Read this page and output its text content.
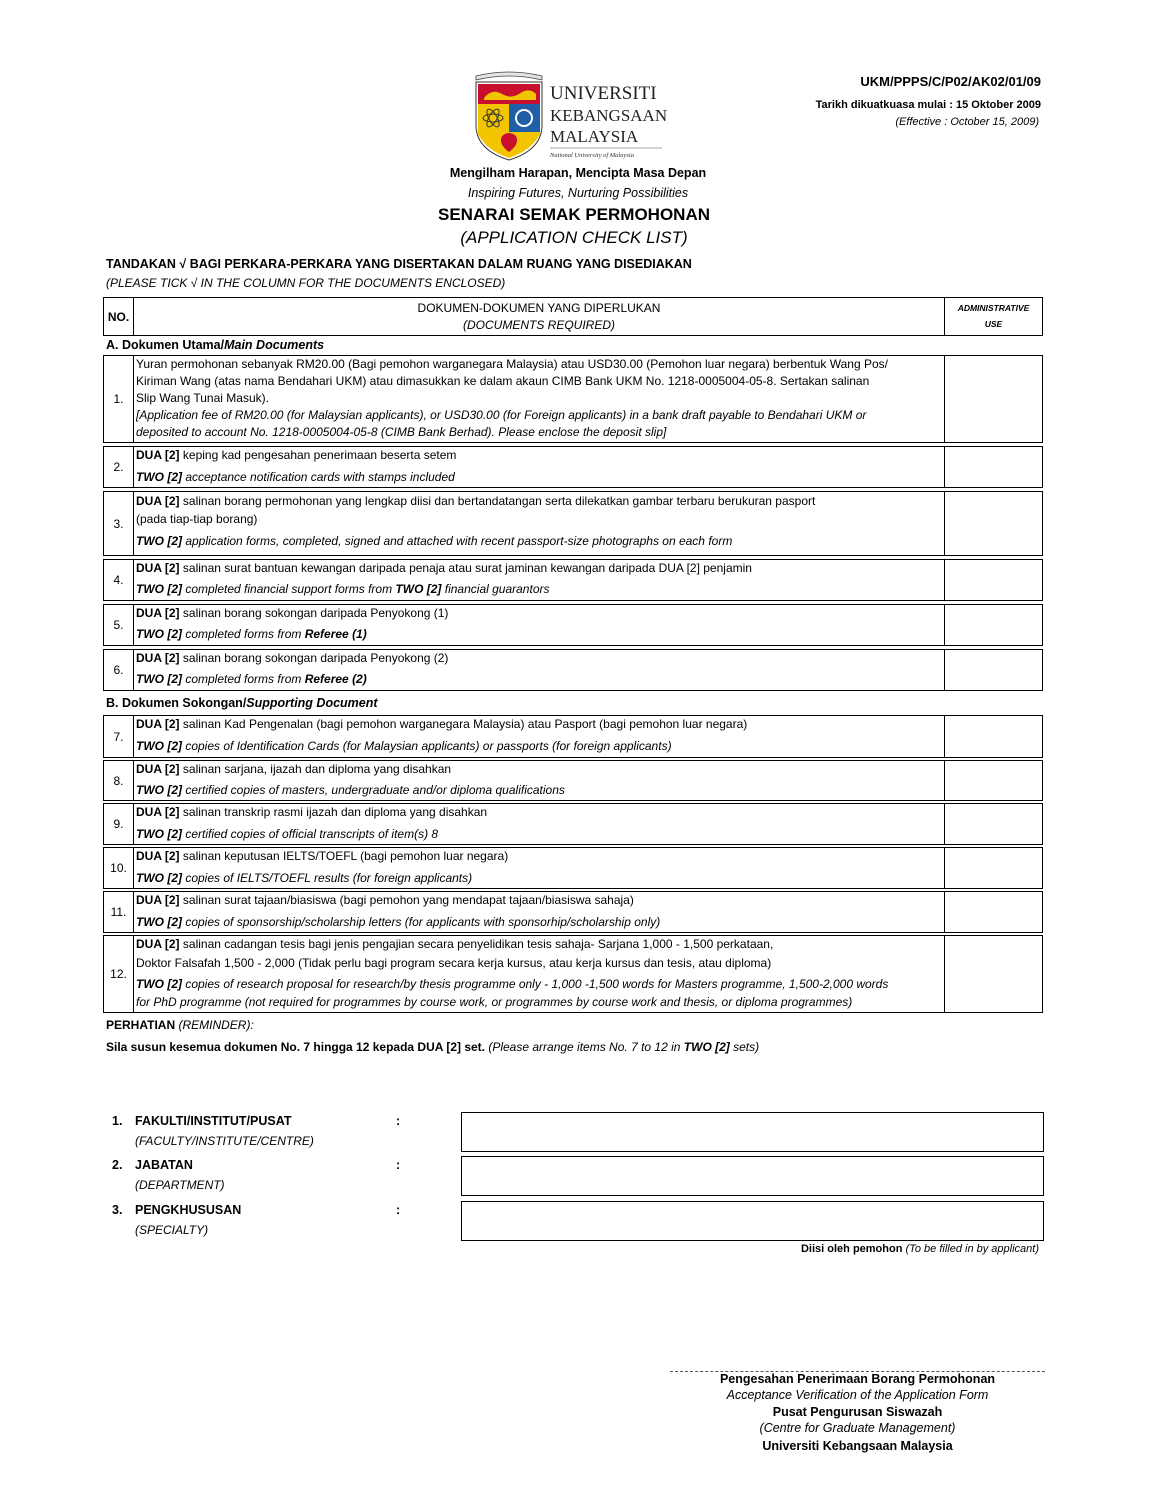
UNIVERSITI
KEBANGSAAN
MALAYSIA
National University of Malaysia
UKM/PPPS/C/P02/AK02/01/09
Tarikh dikuatkuasa mulai : 15 Oktober 2009
(Effective : October 15, 2009)
Mengilham Harapan, Mencipta Masa Depan
Inspiring Futures, Nurturing Possibilities
SENARAI SEMAK PERMOHONAN
(APPLICATION CHECK LIST)
TANDAKAN √ BAGI PERKARA-PERKARA YANG DISERTAKAN DALAM RUANG YANG DISEDIAKAN
(PLEASE TICK √ IN THE COLUMN FOR THE DOCUMENTS ENCLOSED)
NO.
DOKUMEN-DOKUMEN YANG DIPERLUKAN
(DOCUMENTS REQUIRED)
ADMINISTRATIVE
USE
A. Dokumen Utama/Main Documents
1.
Yuran permohonan sebanyak RM20.00 (Bagi pemohon warganegara Malaysia) atau USD30.00 (Pemohon luar negara) berbentuk Wang Pos/
Kiriman Wang (atas nama Bendahari UKM) atau dimasukkan ke dalam akaun CIMB Bank UKM No. 1218-0005004-05-8. Sertakan salinan
Slip Wang Tunai Masuk).
[Application fee of RM20.00 (for Malaysian applicants), or USD30.00 (for Foreign applicants) in a bank draft payable to Bendahari UKM or
deposited to account No. 1218-0005004-05-8 (CIMB Bank Berhad). Please enclose the deposit slip]
2.
DUA [2] keping kad pengesahan penerimaan beserta setem
TWO [2] acceptance notification cards with stamps included
3.
DUA [2] salinan borang permohonan yang lengkap diisi dan bertandatangan serta dilekatkan gambar terbaru berukuran pasport
(pada tiap-tiap borang)
TWO [2] application forms, completed, signed and attached with recent passport-size photographs on each form
4.
DUA [2] salinan surat bantuan kewangan daripada penaja atau surat jaminan kewangan daripada DUA [2] penjamin
TWO [2] completed financial support forms from TWO [2] financial guarantors
5.
DUA [2] salinan borang sokongan daripada Penyokong (1)
TWO [2] completed forms from Referee (1)
6.
DUA [2] salinan borang sokongan daripada Penyokong (2)
TWO [2] completed forms from Referee (2)
B. Dokumen Sokongan/Supporting Document
7.
DUA [2] salinan Kad Pengenalan (bagi pemohon warganegara Malaysia) atau Pasport (bagi pemohon luar negara)
TWO [2] copies of Identification Cards (for Malaysian applicants) or passports (for foreign applicants)
8.
DUA [2] salinan sarjana, ijazah dan diploma yang disahkan
TWO [2] certified copies of masters, undergraduate and/or diploma qualifications
9.
DUA [2] salinan transkrip rasmi ijazah dan diploma yang disahkan
TWO [2] certified copies of official transcripts of item(s) 8
10.
DUA [2] salinan keputusan IELTS/TOEFL (bagi pemohon luar negara)
TWO [2] copies of IELTS/TOEFL results (for foreign applicants)
11.
DUA [2] salinan surat tajaan/biasiswa (bagi pemohon yang mendapat tajaan/biasiswa sahaja)
TWO [2] copies of sponsorship/scholarship letters (for applicants with sponsorhip/scholarship only)
12.
DUA [2] salinan cadangan tesis bagi jenis pengajian secara penyelidikan tesis sahaja- Sarjana 1,000 - 1,500 perkataan,
Doktor Falsafah 1,500 - 2,000 (Tidak perlu bagi program secara kerja kursus, atau kerja kursus dan tesis, atau diploma)
TWO [2] copies of research proposal for research/by thesis programme only - 1,000 -1,500 words for Masters programme, 1,500-2,000 words
for PhD programme (not required for programmes by course work, or programmes by course work and thesis, or diploma programmes)
PERHATIAN (REMINDER):
Sila susun kesemua dokumen No. 7 hingga 12 kepada DUA [2] set. (Please arrange items No. 7 to 12 in TWO [2] sets)
1. FAKULTI/INSTITUT/PUSAT
(FACULTY/INSTITUTE/CENTRE)
:
2. JABATAN
(DEPARTMENT)
:
3. PENGKHUSUSAN
(SPECIALTY)
:
Diisi oleh pemohon (To be filled in by applicant)
Pengesahan Penerimaan Borang Permohonan
Acceptance Verification of the Application Form
Pusat Pengurusan Siswazah
(Centre for Graduate Management)
Universiti Kebangsaan Malaysia
